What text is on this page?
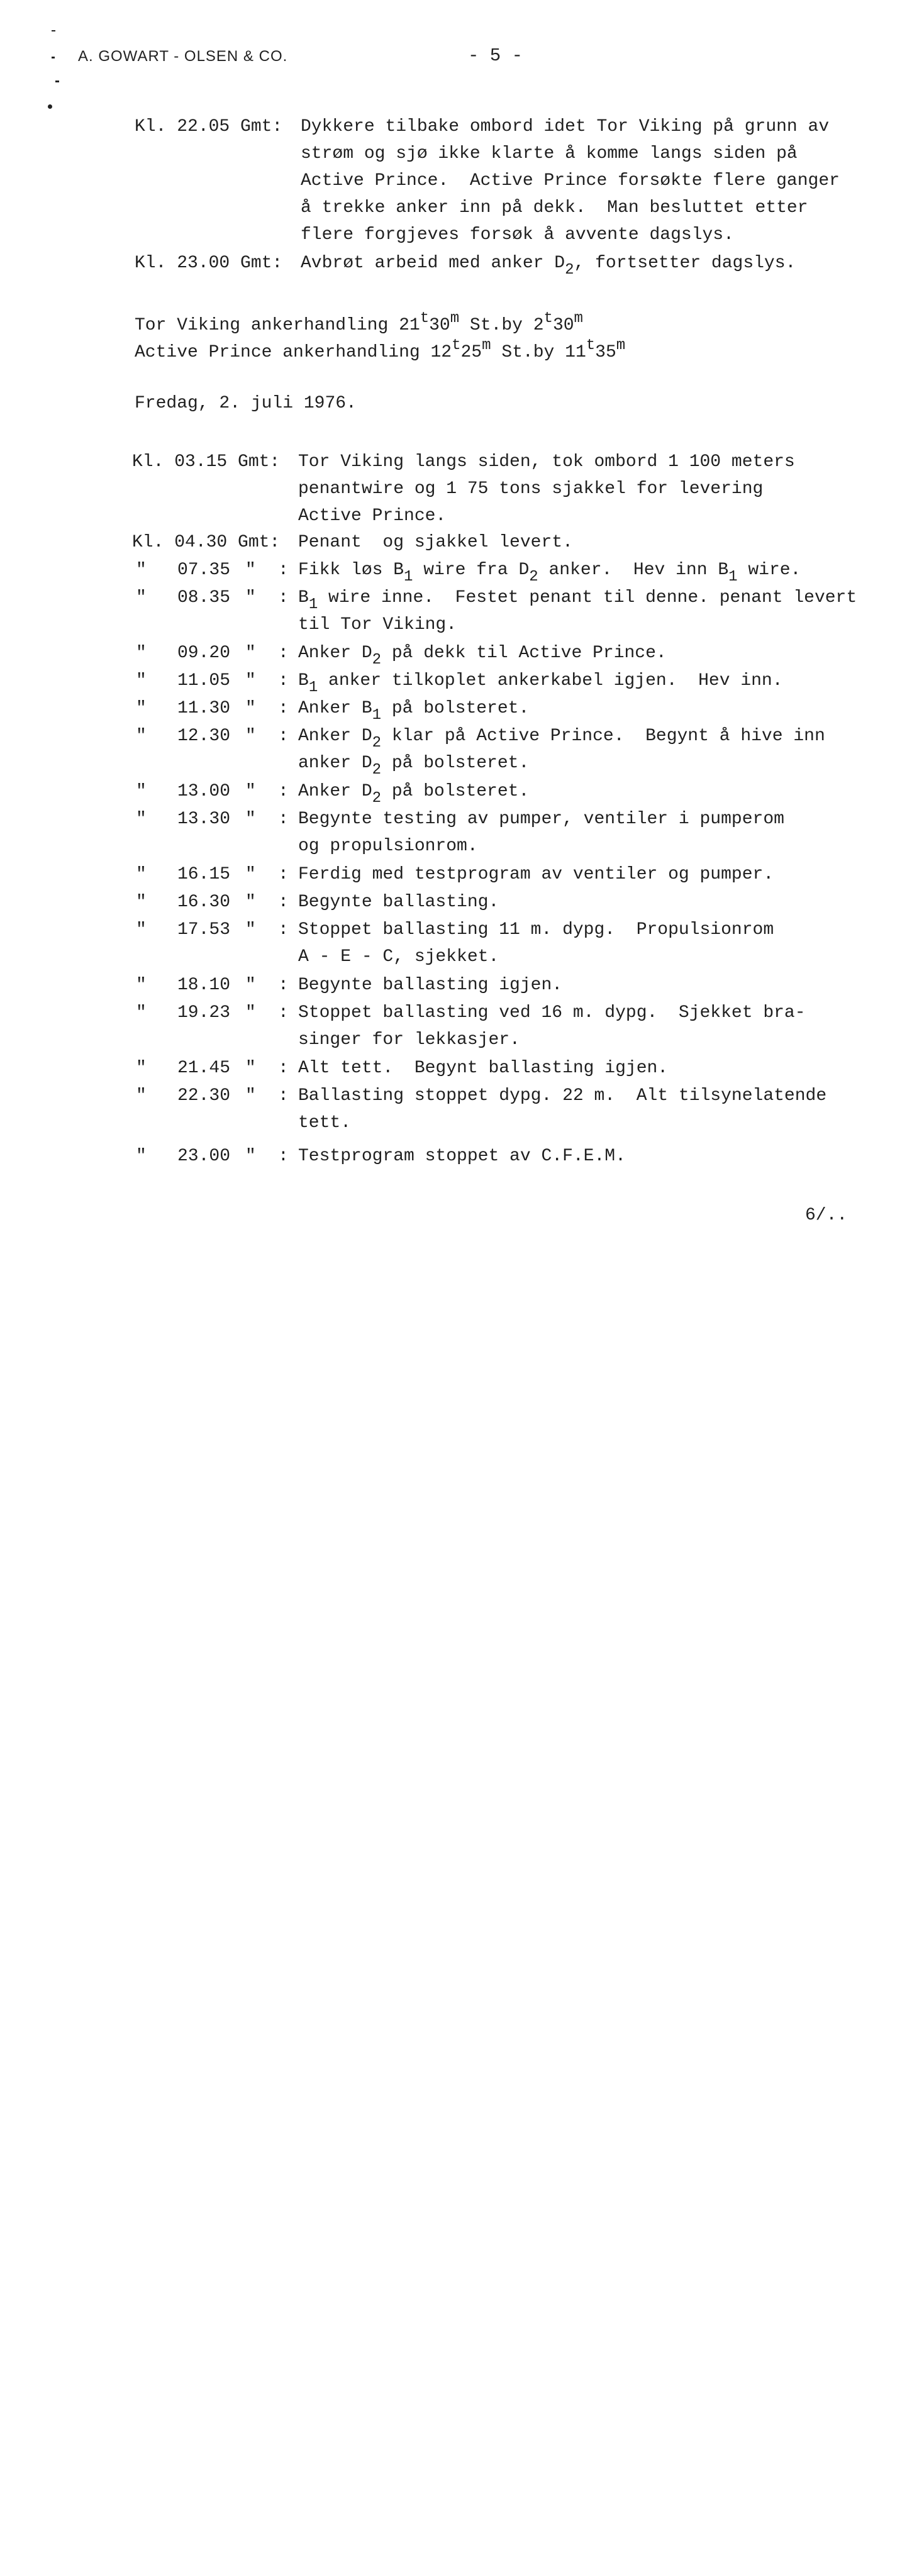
A. GOWART - OLSEN & CO.	- 5 -

Kl. 22.05 Gmt:

Dykkere tilbake ombord idet Tor Viking på grunn av

strøm og sjø ikke klarte å komme langs siden på

Active Prince.  Active Prince forsøkte flere ganger

å trekke anker inn på dekk.  Man besluttet etter

flere forgjeves forsøk å avvente dagslys.

Kl. 23.00 Gmt:

Avbrøt arbeid med anker $D_2$, fortsetter dagslys.

Tor Viking ankerhandling 21$^t$30$^m$ St.by 2$^t$30$^m$

Active Prince ankerhandling 12$^t$25$^m$ St.by 11$^t$35$^m$

Fredag, 2. juli 1976.

Kl. 03.15 Gmt:

Tor Viking langs siden, tok ombord 1 100 meters

penantwire og 1 75 tons sjakkel for levering

Active Prince.

Kl. 04.30 Gmt:

Penant  og sjakkel levert.

"

07.35

"

:

Fikk løs $B_1$ wire fra $D_2$ anker.  Hev inn $B_1$ wire.

"

08.35

"

:

$B_1$ wire inne.  Festet penant til denne. penant levert

til Tor Viking.

"

09.20

"

:

Anker $D_2$ på dekk til Active Prince.

"

11.05

"

:

$B_1$ anker tilkoplet ankerkabel igjen.  Hev inn.

"

11.30

"

:

Anker $B_1$ på bolsteret.

"

12.30

"

:

Anker $D_2$ klar på Active Prince.  Begynt å hive inn

anker $D_2$ på bolsteret.

"

13.00

"

:

Anker $D_2$ på bolsteret.

"

13.30

"

:

Begynte testing av pumper, ventiler i pumperom

og propulsionrom.

"

16.15

"

:

Ferdig med testprogram av ventiler og pumper.

"

16.30

"

:

Begynte ballasting.

"

17.53

"

:

Stoppet ballasting 11 m. dypg.  Propulsionrom

A - E - C, sjekket.

"

18.10

"

:

Begynte ballasting igjen.

"

19.23

"

:

Stoppet ballasting ved 16 m. dypg.  Sjekket bra-

singer for lekkasjer.

"

21.45

"

:

Alt tett.  Begynt ballasting igjen.

"

22.30

"

:

Ballasting stoppet dypg. 22 m.  Alt tilsynelatende

tett.

"

23.00

"

:

Testprogram stoppet av C.F.E.M.

6/..
